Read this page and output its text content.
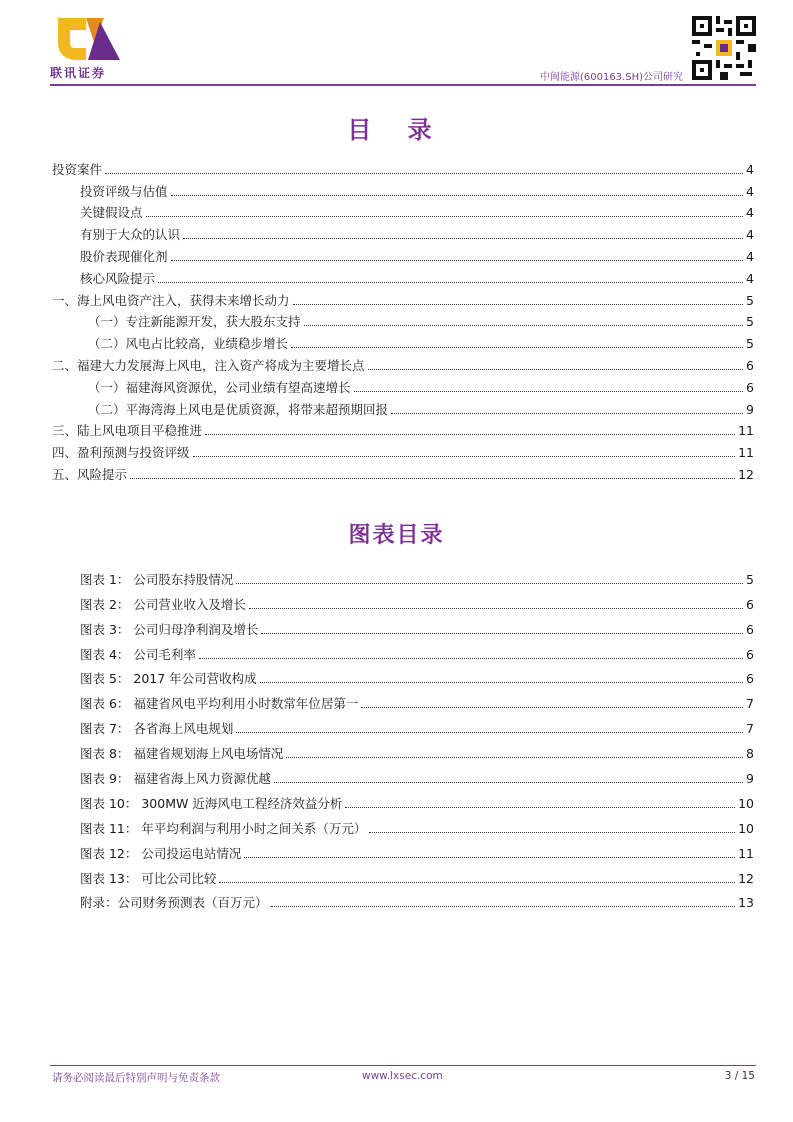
联讯证券	中闽能源(600163.SH)公司研究
目 录
投资案件	4
投资评级与估值	4
关键假设点	4
有别于大众的认识	4
股价表现催化剂	4
核心风险提示	4
一、海上风电资产注入，获得未来增长动力	5
（一）专注新能源开发，获大股东支持	5
（二）风电占比较高，业绩稳步增长	5
二、福建大力发展海上风电，注入资产将成为主要增长点	6
（一）福建海风资源优，公司业绩有望高速增长	6
（二）平海湾海上风电是优质资源，将带来超预期回报	9
三、陆上风电项目平稳推进	11
四、盈利预测与投资评级	11
五、风险提示	12
图表目录
图表 1： 公司股东持股情况	5
图表 2： 公司营业收入及增长	6
图表 3： 公司归母净利润及增长	6
图表 4： 公司毛利率	6
图表 5： 2017 年公司营收构成	6
图表 6： 福建省风电平均利用小时数常年位居第一	7
图表 7： 各省海上风电规划	7
图表 8： 福建省规划海上风电场情况	8
图表 9： 福建省海上风力资源优越	9
图表 10： 300MW 近海风电工程经济效益分析	10
图表 11： 年平均利润与利用小时之间关系（万元）	10
图表 12： 公司投运电站情况	11
图表 13： 可比公司比较	12
附录：公司财务预测表（百万元）	13
请务必阅读最后特别声明与免责条款	www.lxsec.com	3 / 15
